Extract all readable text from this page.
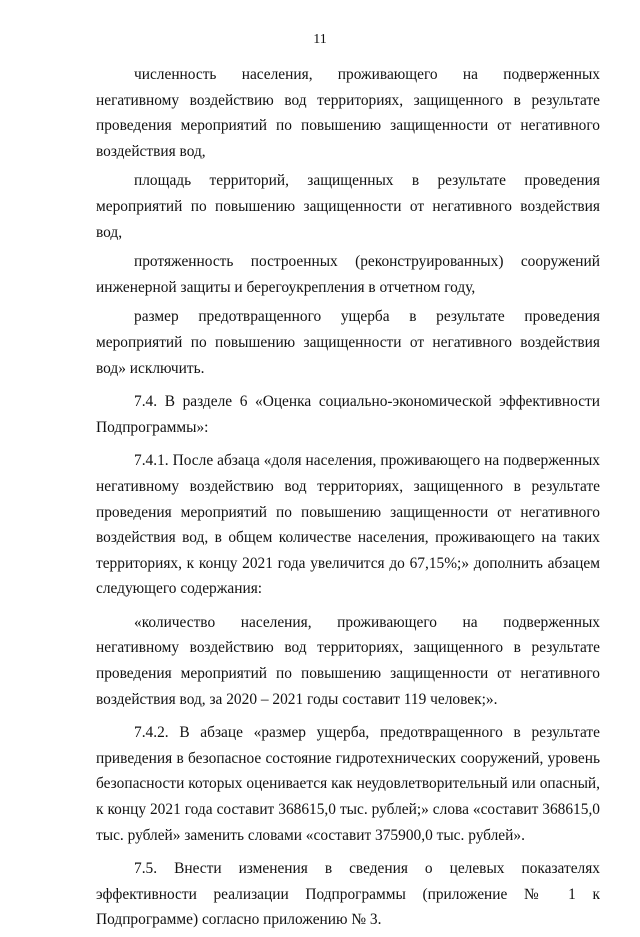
11

численность населения, проживающего на подверженных негативному воздействию вод территориях, защищенного в результате проведения мероприятий по повышению защищенности от негативного воздействия вод,

площадь территорий, защищенных в результате проведения мероприятий по повышению защищенности от негативного воздействия вод,

протяженность построенных (реконструированных) сооружений инженерной защиты и берегоукрепления в отчетном году,

размер предотвращенного ущерба в результате проведения мероприятий по повышению защищенности от негативного воздействия вод» исключить.

7.4. В разделе 6 «Оценка социально-экономической эффективности Подпрограммы»:

7.4.1. После абзаца «доля населения, проживающего на подверженных негативному воздействию вод территориях, защищенного в результате проведения мероприятий по повышению защищенности от негативного воздействия вод, в общем количестве населения, проживающего на таких территориях, к концу 2021 года увеличится до 67,15%;» дополнить абзацем следующего содержания:

«количество населения, проживающего на подверженных негативному воздействию вод территориях, защищенного в результате проведения мероприятий по повышению защищенности от негативного воздействия вод, за 2020 – 2021 годы составит 119 человек;».

7.4.2. В абзаце «размер ущерба, предотвращенного в результате приведения в безопасное состояние гидротехнических сооружений, уровень безопасности которых оценивается как неудовлетворительный или опасный, к концу 2021 года составит 368615,0 тыс. рублей;» слова «составит 368615,0 тыс. рублей» заменить словами «составит 375900,0 тыс. рублей».

7.5. Внести изменения в сведения о целевых показателях эффективности реализации Подпрограммы (приложение № 1 к Подпрограмме) согласно приложению № 3.
